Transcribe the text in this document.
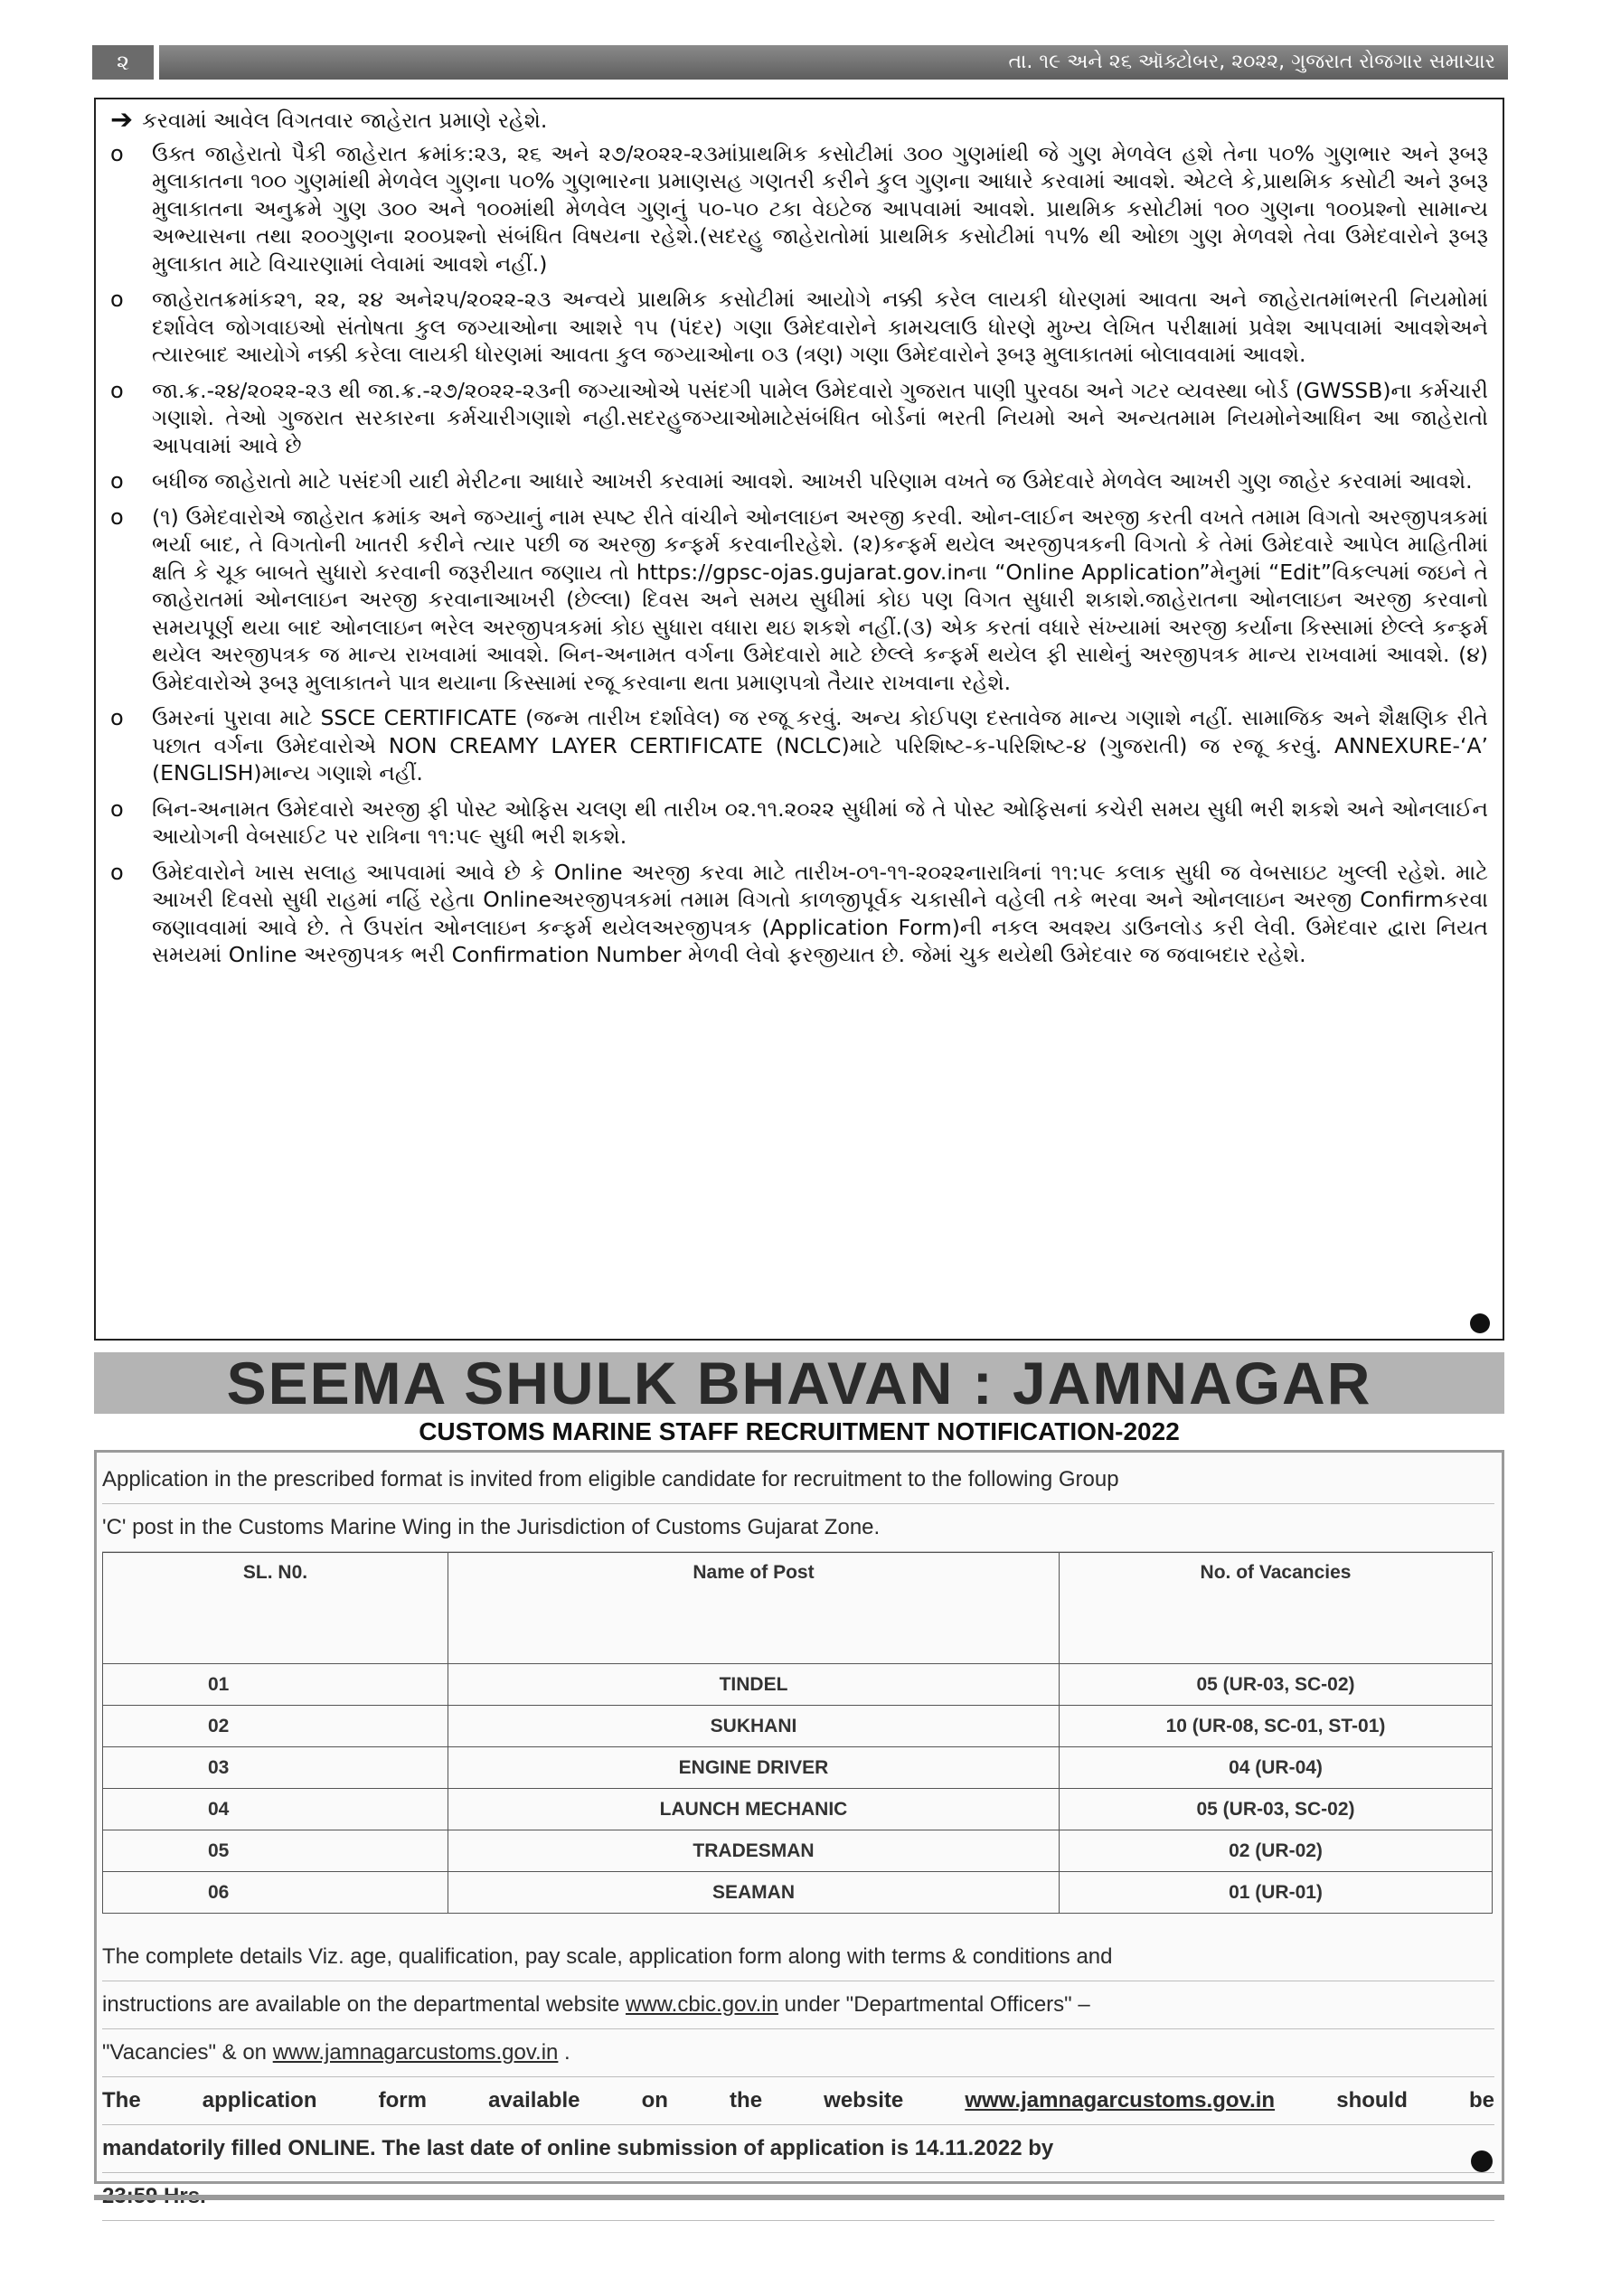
૨	તા. ૧૯ અને ૨૬ ઑક્ટોબર, ૨૦૨૨, ગુજરાત રોજગાર સમાચાર
➔ કરવામાં આવેલ વિગતવાર જાહેરાત પ્રમાણે રહેશે.
o	ઉક્ત જાહેરાતો પૈકી જાહેરાત ક્રમાંક:૨૩, ૨૬ અને ૨૭/૨૦૨૨-૨૩માંપ્રાથમિક કસોટીમાં ૩૦૦ ગુણમાંથી જે ગુણ મેળવેલ હશે તેના ૫૦% ગુણભાર અને રૂબરૂ મુલાકાતના ૧૦૦ ગુણમાંથી મેળવેલ ગુણના ૫૦% ગુણભારના પ્રમાણસહ ગણતરી કરીને કુલ ગુણના આધારે કરવામાં આવશે. એટલે કે,પ્રાથમિક કસોટી અને રૂબરૂ મુલાકાતના અનુક્રમે ગુણ ૩૦૦ અને ૧૦૦માંથી મેળવેલ ગુણનું ૫૦-૫૦ ટકા વેઇટેજ આપવામાં આવશે. પ્રાથમિક કસોટીમાં ૧૦૦ ગુણના ૧૦૦પ્રશ્નો સામાન્ય અભ્યાસના તથા ૨૦૦ગુણના ૨૦૦પ્રશ્નો સંબંધિત વિષયના રહેશે.(સદરહુ જાહેરાતોમાં પ્રાથમિક કસોટીમાં ૧૫% થી ઓછા ગુણ મેળવશે તેવા ઉમેદવારોને રૂબરૂ મુલાકાત માટે વિચારણામાં લેવામાં આવશે નહીં.)
o	જાહેરાતક્રમાંક૨૧, ૨૨, ૨૪ અને૨૫/૨૦૨૨-૨૩ અન્વયે પ્રાથમિક કસોટીમાં આયોગે નક્કી કરેલ લાયકી ધોરણમાં આવતા અને જાહેરાતમાંભરતી નિયમોમાં દર્શાવેલ જોગવાઇઓ સંતોષતા કુલ જગ્યાઓના આશરે ૧૫ (પંદર) ગણા ઉમેદવારોને કામચલાઉ ધોરણે મુખ્ય લેખિત પરીક્ષામાં પ્રવેશ આપવામાં આવશેઅને ત્યારબાદ આયોગે નક્કી કરેલા લાયકી ધોરણમાં આવતા કુલ જગ્યાઓના ૦૩ (ત્રણ) ગણા ઉમેદવારોને રૂબરૂ મુલાકાતમાં બોલાવવામાં આવશે.
o	જા.ક્ર.-૨૪/૨૦૨૨-૨૩ થી જા.ક્ર.-૨૭/૨૦૨૨-૨૩ની જગ્યાઓએ પસંદગી પામેલ ઉમેદવારો ગુજરાત પાણી પુરવઠા અને ગટર વ્યવસ્થા બોર્ડ (GWSSB)ના કર્મચારી ગણાશે. તેઓ ગુજરાત સરકારના કર્મચારીગણાશે નહી.સદરહુજગ્યાઓમાટેસંબંધિત બોર્ડનાં ભરતી નિયમો અને અન્યતમામ નિયમોનેઆધિન આ જાહેરાતો આપવામાં આવે છે
o	બધીજ જાહેરાતો માટે પસંદગી યાદી મેરીટના આધારે આખરી કરવામાં આવશે. આખરી પરિણામ વખતે જ ઉમેદવારે મેળવેલ આખરી ગુણ જાહેર કરવામાં આવશે.
o	(૧) ઉમેદવારોએ જાહેરાત ક્રમાંક અને જગ્યાનું નામ સ્પષ્ટ રીતે વાંચીને ઓનલાઇન અરજી કરવી. ઓન-લાઈન અરજી કરતી વખતે તમામ વિગતો અરજીપત્રકમાં ભર્યા બાદ, તે વિગતોની ખાતરી કરીને ત્યાર પછી જ અરજી કન્ફર્મ કરવાનીરહેશે. (૨)કન્ફર્મ થયેલ અરજીપત્રકની વિગતો કે તેમાં ઉમેદવારે આપેલ માહિતીમાં ક્ષતિ કે ચૂક બાબતે સુધારો કરવાની જરૂરીયાત જણાય તો https://gpsc-ojas.gujarat.gov.inના “Online Application”મેનુમાં “Edit”વિકલ્પમાં જઇને તે જાહેરાતમાં ઓનલાઇન અરજી કરવાનાઆખરી (છેલ્લા) દિવસ અને સમય સુધીમાં કોઇ પણ વિગત સુધારી શકાશે.જાહેરાતના ઓનલાઇન અરજી કરવાનો સમયપૂર્ણ થયા બાદ ઓનલાઇન ભરેલ અરજીપત્રકમાં કોઇ સુધારા વધારા થઇ શકશે નહીં.(૩) એક કરતાં વધારે સંખ્યામાં અરજી કર્યાના કિસ્સામાં છેલ્લે કન્ફર્મ થયેલ અરજીપત્રક જ માન્ય રાખવામાં આવશે. બિન-અનામત વર્ગના ઉમેદવારો માટે છેલ્લે કન્ફર્મ થયેલ ફી સાથેનું અરજીપત્રક માન્ય રાખવામાં આવશે. (૪) ઉમેદવારોએ રૂબરૂ મુલાકાતને પાત્ર થયાના કિસ્સામાં રજૂ કરવાના થતા પ્રમાણપત્રો તૈયાર રાખવાના રહેશે.
o	ઉમરનાં પુરાવા માટે SSCE CERTIFICATE (જન્મ તારીખ દર્શાવેલ) જ રજૂ કરવું. અન્ય કોઈપણ દસ્તાવેજ માન્ય ગણાશે નહીં. સામાજિક અને શૈક્ષણિક રીતે પછાત વર્ગના ઉમેદવારોએ NON CREAMY LAYER CERTIFICATE (NCLC)માટે પરિશિષ્ટ-ક-પરિશિષ્ટ-૪ (ગુજરાતી) જ રજૂ કરવું. ANNEXURE-‘A’ (ENGLISH)માન્ય ગણાશે નહીં.
o	બિન-અનામત ઉમેદવારો અરજી ફી પોસ્ટ ઓફિસ ચલણ થી તારીખ ૦૨.૧૧.૨૦૨૨ સુધીમાં જે તે પોસ્ટ ઓફિસનાં કચેરી સમય સુધી ભરી શકશે અને ઓનલાઈન આયોગની વેબસાઈટ પર રાત્રિના ૧૧:૫૯ સુધી ભરી શકશે.
o	ઉમેદવારોને ખાસ સલાહ આપવામાં આવે છે કે Online અરજી કરવા માટે તારીખ-૦૧-૧૧-૨૦૨૨નારાત્રિનાં ૧૧:૫૯ કલાક સુધી જ વેબસાઇટ ખુલ્લી રહેશે. માટે આખરી દિવસો સુધી રાહમાં નહિં રહેતા Onlineઅરજીપત્રકમાં તમામ વિગતો કાળજીપૂર્વક ચકાસીને વહેલી તકે ભરવા અને ઓનલાઇન અરજી Confirmકરવા જણાવવામાં આવે છે. તે ઉપરાંત ઓનલાઇન કન્ફર્મ થયેલઅરજીપત્રક (Application Form)ની નકલ અવશ્ય ડાઉનલોડ કરી લેવી. ઉમેદવાર દ્વારા નિયત સમયમાં Online અરજીપત્રક ભરી Confirmation Number મેળવી લેવો ફરજીયાત છે. જેમાં ચુક થયેથી ઉમેદવાર જ જવાબદાર રહેશે.
SEEMA SHULK BHAVAN : JAMNAGAR
CUSTOMS MARINE STAFF RECRUITMENT NOTIFICATION-2022
Application in the prescribed format is invited from eligible candidate for recruitment to the following Group
'C' post in the Customs Marine Wing in the Jurisdiction of Customs Gujarat Zone.
SL. N0.	Name of Post	No. of Vacancies
01	TINDEL	05 (UR-03, SC-02)
02	SUKHANI	10 (UR-08, SC-01, ST-01)
03	ENGINE DRIVER	04 (UR-04)
04	LAUNCH MECHANIC	05 (UR-03, SC-02)
05	TRADESMAN	02 (UR-02)
06	SEAMAN	01 (UR-01)
The complete details Viz. age, qualification, pay scale, application form along with terms & conditions and
instructions are available on the departmental website www.cbic.gov.in under "Departmental Officers" –
"Vacancies" & on www.jamnagarcustoms.gov.in .
The application form available on the website www.jamnagarcustoms.gov.in should be
mandatorily filled ONLINE. The last date of online submission of application is 14.11.2022 by
